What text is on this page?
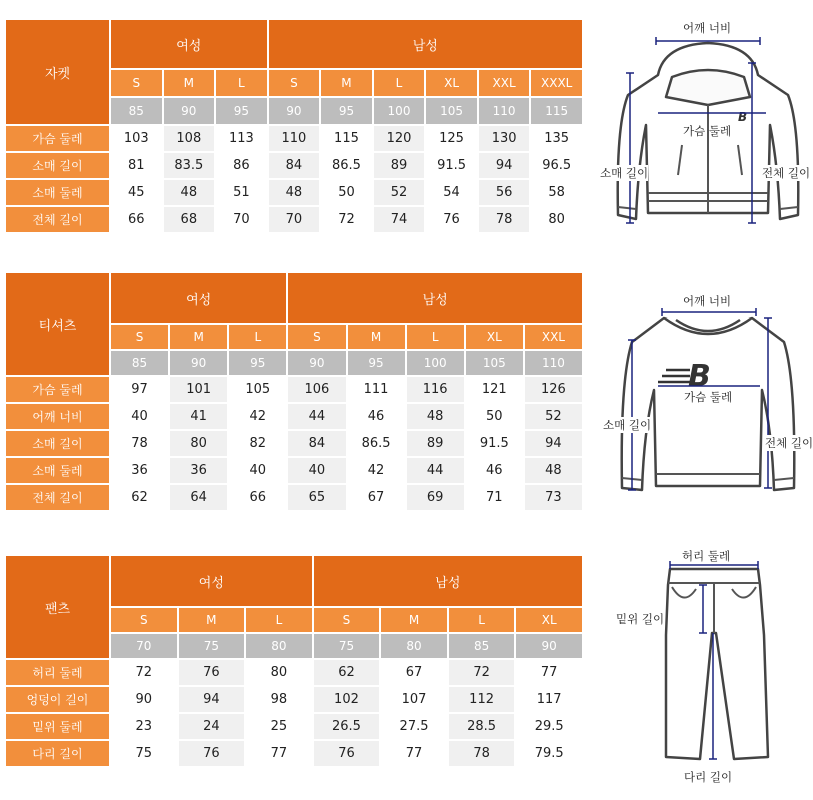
자켓	여성			남성					
	S	M	L	S	M	L	XL	XXL	XXXL
	85	90	95	90	95	100	105	110	115
가슴 둘레	103	108	113	110	115	120	125	130	135
소매 길이	81	83.5	86	84	86.5	89	91.5	94	96.5
소매 둘레	45	48	51	48	50	52	54	56	58
전체 길이	66	68	70	70	72	74	76	78	80
티셔츠	여성			남성				
	S	M	L	S	M	L	XL	XXL
	85	90	95	90	95	100	105	110
가슴 둘레	97	101	105	106	111	116	121	126
어깨 너비	40	41	42	44	46	48	50	52
소매 길이	78	80	82	84	86.5	89	91.5	94
소매 둘레	36	36	40	40	42	44	46	48
전체 길이	62	64	66	65	67	69	71	73
팬츠	여성			남성			
	S	M	L	S	M	L	XL
	70	75	80	75	80	85	90
허리 둘레	72	76	80	62	67	72	77
엉덩이 길이	90	94	98	102	107	112	117
밑위 둘레	23	24	25	26.5	27.5	28.5	29.5
다리 길이	75	76	77	76	77	78	79.5
B
어깨 너비
가슴 둘레
소매 길이	전체 길이
B
어깨 너비
가슴 둘레
소매 길이
전체 길이
허리 둘레
밑위 길이
다리 길이
